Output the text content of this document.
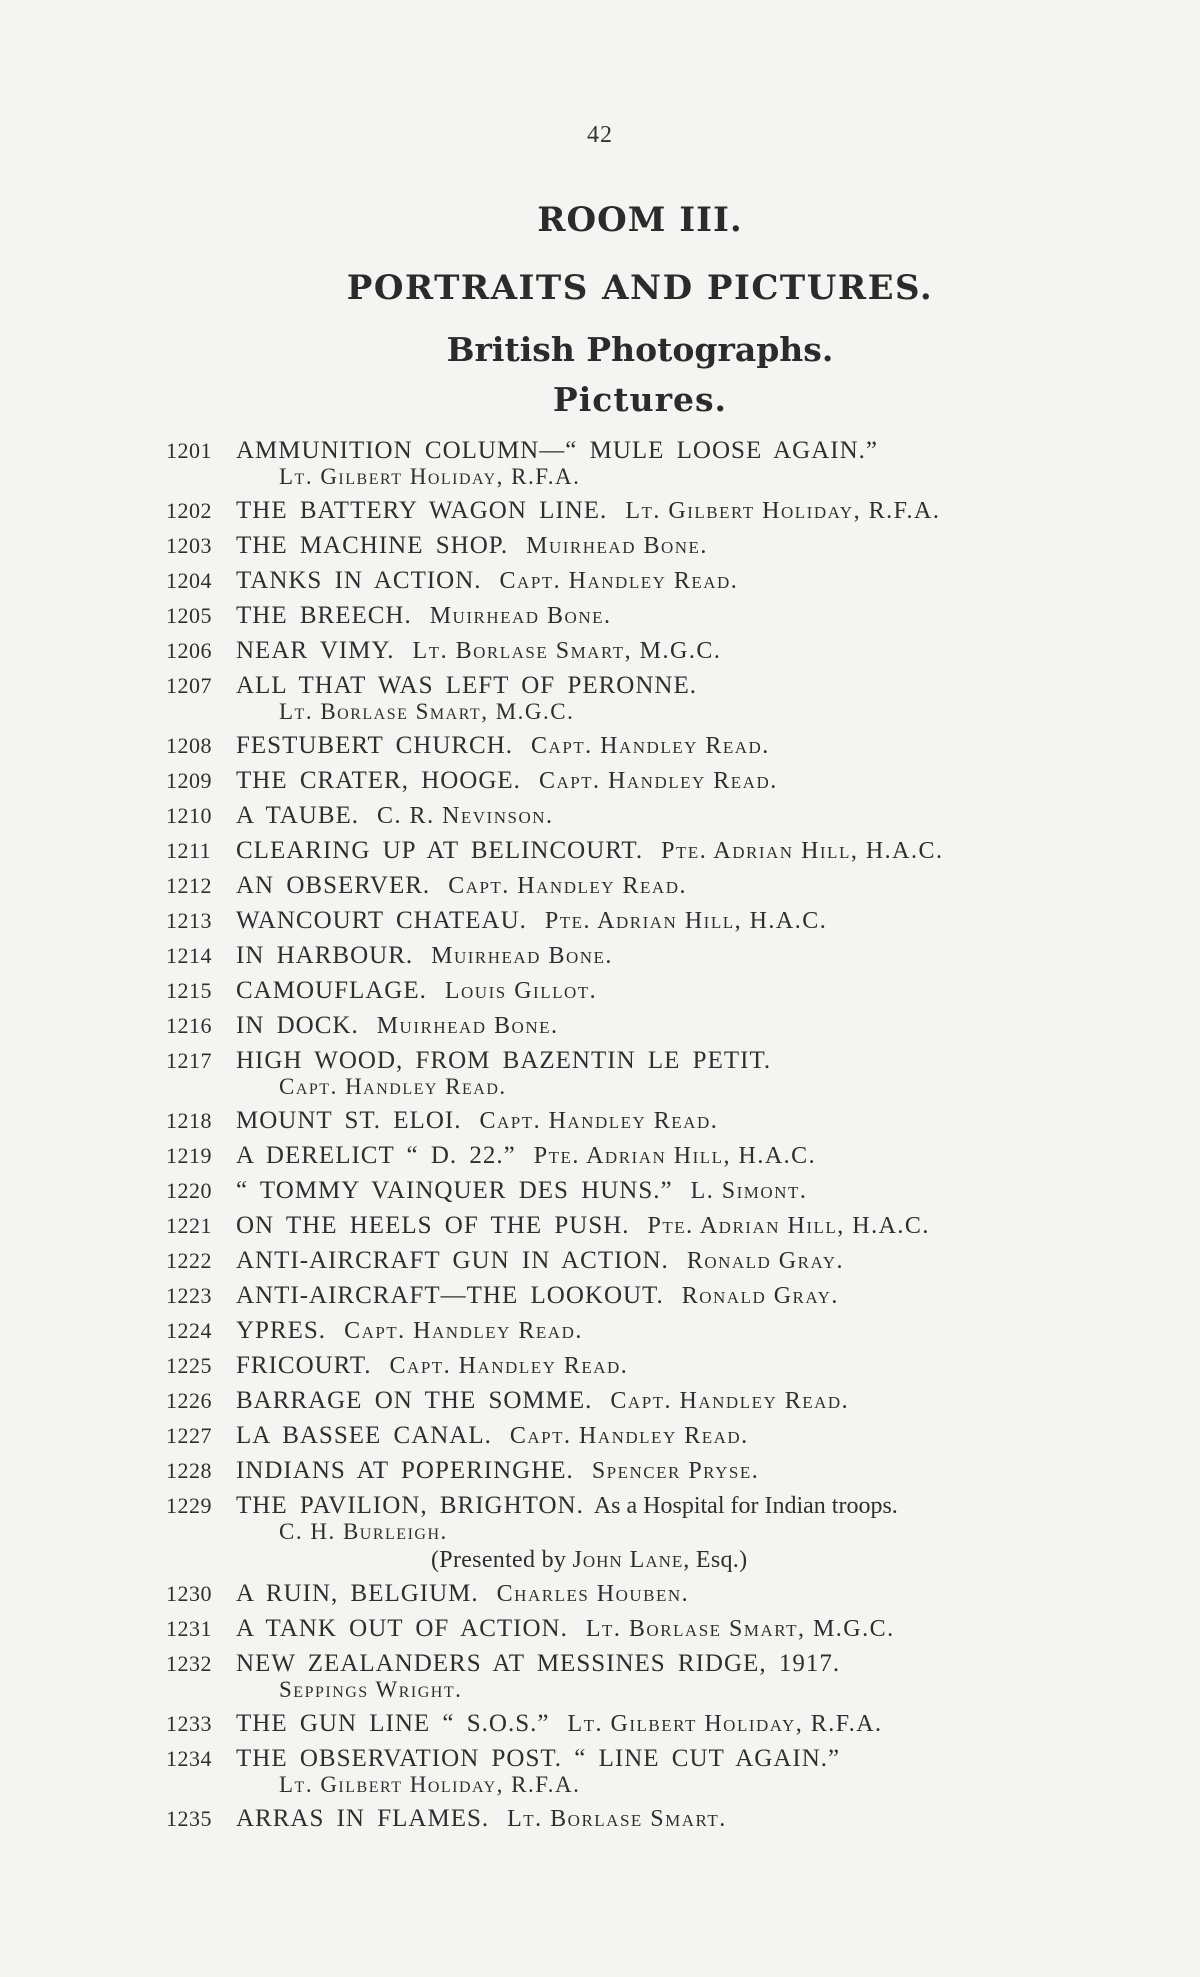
42
ROOM III.
PORTRAITS AND PICTURES.
British Photographs.
Pictures.
1201 AMMUNITION COLUMN—“ MULE LOOSE AGAIN.”
Lt. Gilbert Holiday, R.F.A.
1202 THE BATTERY WAGON LINE. Lt. Gilbert Holiday, R.F.A.
1203 THE MACHINE SHOP. Muirhead Bone.
1204 TANKS IN ACTION. Capt. Handley Read.
1205 THE BREECH. Muirhead Bone.
1206 NEAR VIMY. Lt. Borlase Smart, M.G.C.
1207 ALL THAT WAS LEFT OF PERONNE.
Lt. Borlase Smart, M.G.C.
1208 FESTUBERT CHURCH. Capt. Handley Read.
1209 THE CRATER, HOOGE. Capt. Handley Read.
1210 A TAUBE. C. R. Nevinson.
1211 CLEARING UP AT BELINCOURT. Pte. Adrian Hill, H.A.C.
1212 AN OBSERVER. Capt. Handley Read.
1213 WANCOURT CHATEAU. Pte. Adrian Hill, H.A.C.
1214 IN HARBOUR. Muirhead Bone.
1215 CAMOUFLAGE. Louis Gillot.
1216 IN DOCK. Muirhead Bone.
1217 HIGH WOOD, FROM BAZENTIN LE PETIT.
Capt. Handley Read.
1218 MOUNT ST. ELOI. Capt. Handley Read.
1219 A DERELICT “ D. 22.” Pte. Adrian Hill, H.A.C.
1220 “ TOMMY VAINQUER DES HUNS.” L. Simont.
1221 ON THE HEELS OF THE PUSH. Pte. Adrian Hill, H.A.C.
1222 ANTI-AIRCRAFT GUN IN ACTION. Ronald Gray.
1223 ANTI-AIRCRAFT—THE LOOKOUT. Ronald Gray.
1224 YPRES. Capt. Handley Read.
1225 FRICOURT. Capt. Handley Read.
1226 BARRAGE ON THE SOMME. Capt. Handley Read.
1227 LA BASSEE CANAL. Capt. Handley Read.
1228 INDIANS AT POPERINGHE. Spencer Pryse.
1229 THE PAVILION, BRIGHTON. As a Hospital for Indian troops.
C. H. Burleigh.
(Presented by John Lane, Esq.)
1230 A RUIN, BELGIUM. Charles Houben.
1231 A TANK OUT OF ACTION. Lt. Borlase Smart, M.G.C.
1232 NEW ZEALANDERS AT MESSINES RIDGE, 1917.
Seppings Wright.
1233 THE GUN LINE “ S.O.S.” Lt. Gilbert Holiday, R.F.A.
1234 THE OBSERVATION POST. “ LINE CUT AGAIN.”
Lt. Gilbert Holiday, R.F.A.
1235 ARRAS IN FLAMES. Lt. Borlase Smart.
